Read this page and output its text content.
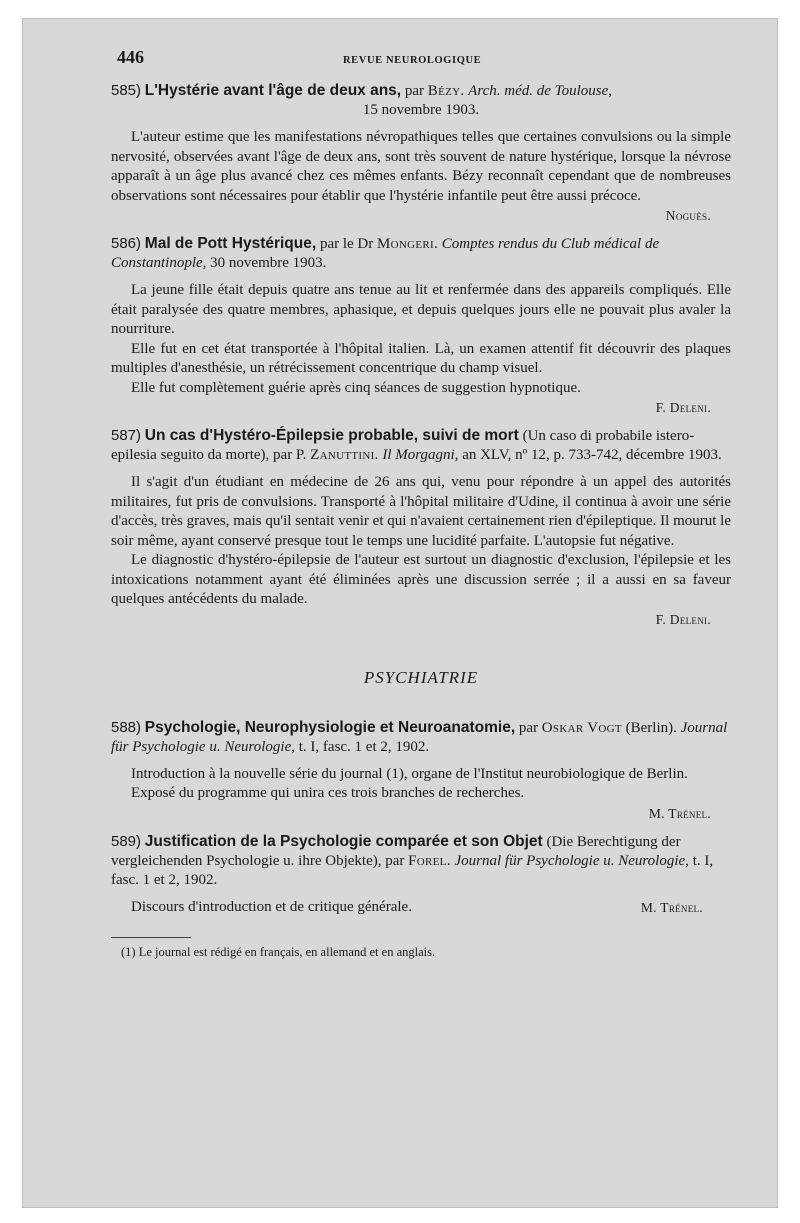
446	REVUE NEUROLOGIQUE
585) L'Hystérie avant l'âge de deux ans, par Bézy. Arch. méd. de Toulouse,
15 novembre 1903.

L'auteur estime que les manifestations névropathiques telles que certaines convulsions ou la simple nervosité, observées avant l'âge de deux ans, sont très souvent de nature hystérique, lorsque la névrose apparaît à un âge plus avancé chez ces mêmes enfants. Bézy reconnaît cependant que de nombreuses observations sont nécessaires pour établir que l'hystérie infantile peut être aussi précoce.

Noguès.
586) Mal de Pott Hystérique, par le Dr Mongeri. Comptes rendus du Club médical de Constantinople, 30 novembre 1903.

La jeune fille était depuis quatre ans tenue au lit et renfermée dans des appareils compliqués. Elle était paralysée des quatre membres, aphasique, et depuis quelques jours elle ne pouvait plus avaler la nourriture.

Elle fut en cet état transportée à l'hôpital italien. Là, un examen attentif fit découvrir des plaques multiples d'anesthésie, un rétrécissement concentrique du champ visuel.

Elle fut complètement guérie après cinq séances de suggestion hypnotique.

F. Deleni.
587) Un cas d'Hystéro-Épilepsie probable, suivi de mort (Un caso di probabile istero-epilesia seguito da morte), par P. Zanuttini. Il Morgagni, an XLV, nº 12, p. 733-742, décembre 1903.

Il s'agit d'un étudiant en médecine de 26 ans qui, venu pour répondre à un appel des autorités militaires, fut pris de convulsions. Transporté à l'hôpital militaire d'Udine, il continua à avoir une série d'accès, très graves, mais qu'il sentait venir et qui n'avaient certainement rien d'épileptique. Il mourut le soir même, ayant conservé presque tout le temps une lucidité parfaite. L'autopsie fut négative.

Le diagnostic d'hystéro-épilepsie de l'auteur est surtout un diagnostic d'exclusion, l'épilepsie et les intoxications notamment ayant été éliminées après une discussion serrée ; il a aussi en sa faveur quelques antécédents du malade.

F. Deleni.
PSYCHIATRIE
588) Psychologie, Neurophysiologie et Neuroanatomie, par Oskar Vogt (Berlin). Journal für Psychologie u. Neurologie, t. I, fasc. 1 et 2, 1902.

Introduction à la nouvelle série du journal (1), organe de l'Institut neurobiologique de Berlin.

Exposé du programme qui unira ces trois branches de recherches.

M. Trénel.
589) Justification de la Psychologie comparée et son Objet (Die Berechtigung der vergleichenden Psychologie u. ihre Objekte), par Forel. Journal für Psychologie u. Neurologie, t. I, fasc. 1 et 2, 1902.

Discours d'introduction et de critique générale.	M. Trénel.

(1) Le journal est rédigé en français, en allemand et en anglais.
